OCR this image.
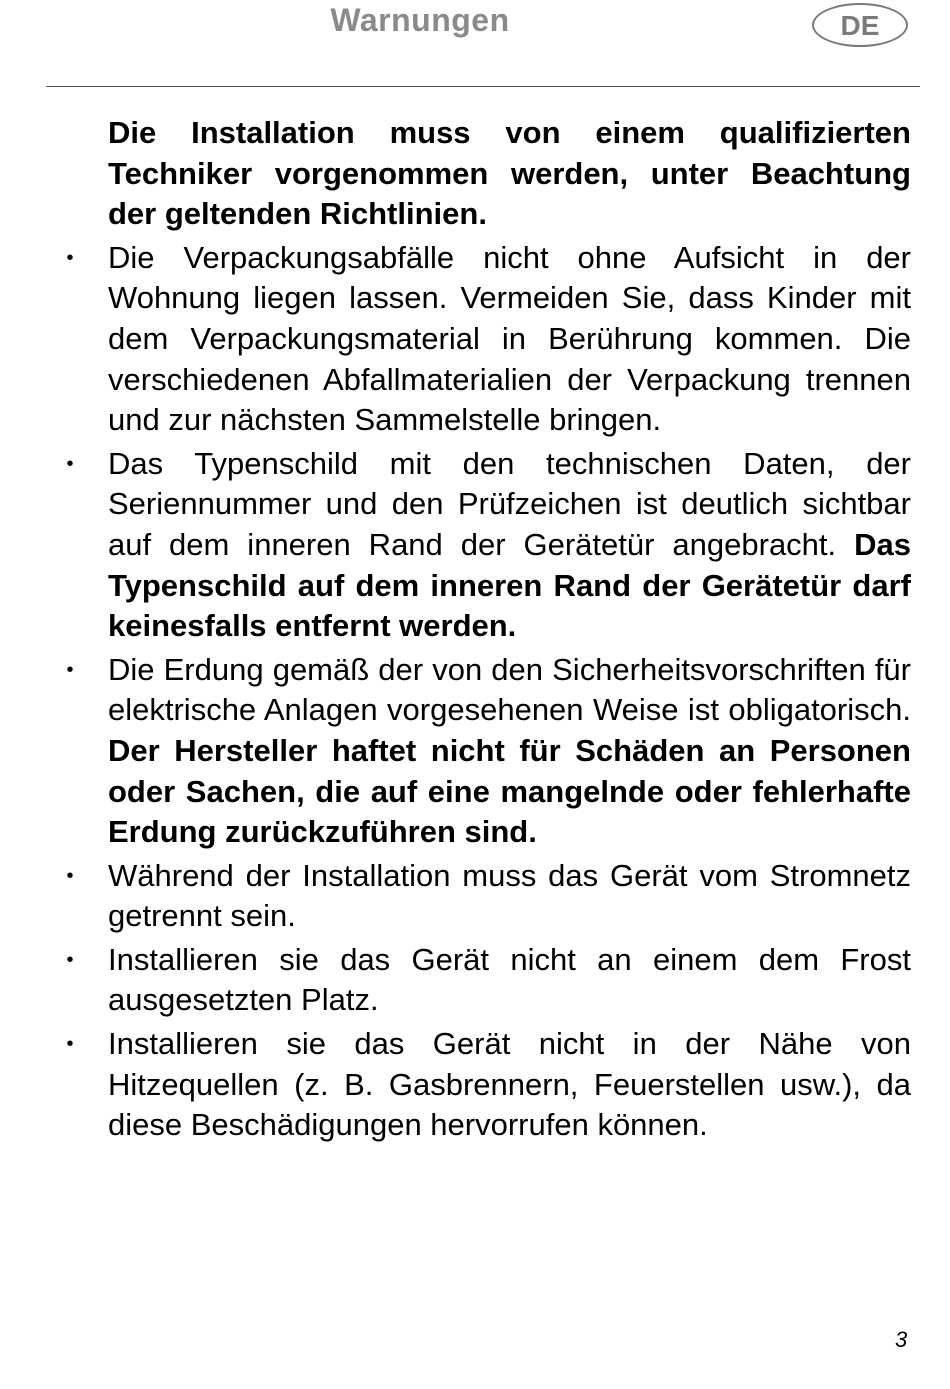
Warnungen	DE

Die Installation muss von einem qualifizierten Techniker vorgenommen werden, unter Beachtung der geltenden Richtlinien.

• Die Verpackungsabfälle nicht ohne Aufsicht in der Wohnung liegen lassen. Vermeiden Sie, dass Kinder mit dem Verpackungsmaterial in Berührung kommen. Die verschiedenen Abfallmaterialien der Verpackung trennen und zur nächsten Sammelstelle bringen.

• Das Typenschild mit den technischen Daten, der Seriennummer und den Prüfzeichen ist deutlich sichtbar auf dem inneren Rand der Gerätetür angebracht. Das Typenschild auf dem inneren Rand der Gerätetür darf keinesfalls entfernt werden.

• Die Erdung gemäß der von den Sicherheitsvorschriften für elektrische Anlagen vorgesehenen Weise ist obligatorisch. Der Hersteller haftet nicht für Schäden an Personen oder Sachen, die auf eine mangelnde oder fehlerhafte Erdung zurückzuführen sind.

• Während der Installation muss das Gerät vom Stromnetz getrennt sein.

• Installieren sie das Gerät nicht an einem dem Frost ausgesetzten Platz.

• Installieren sie das Gerät nicht in der Nähe von Hitzequellen (z. B. Gasbrennern, Feuerstellen usw.), da diese Beschädigungen hervorrufen können.

3
